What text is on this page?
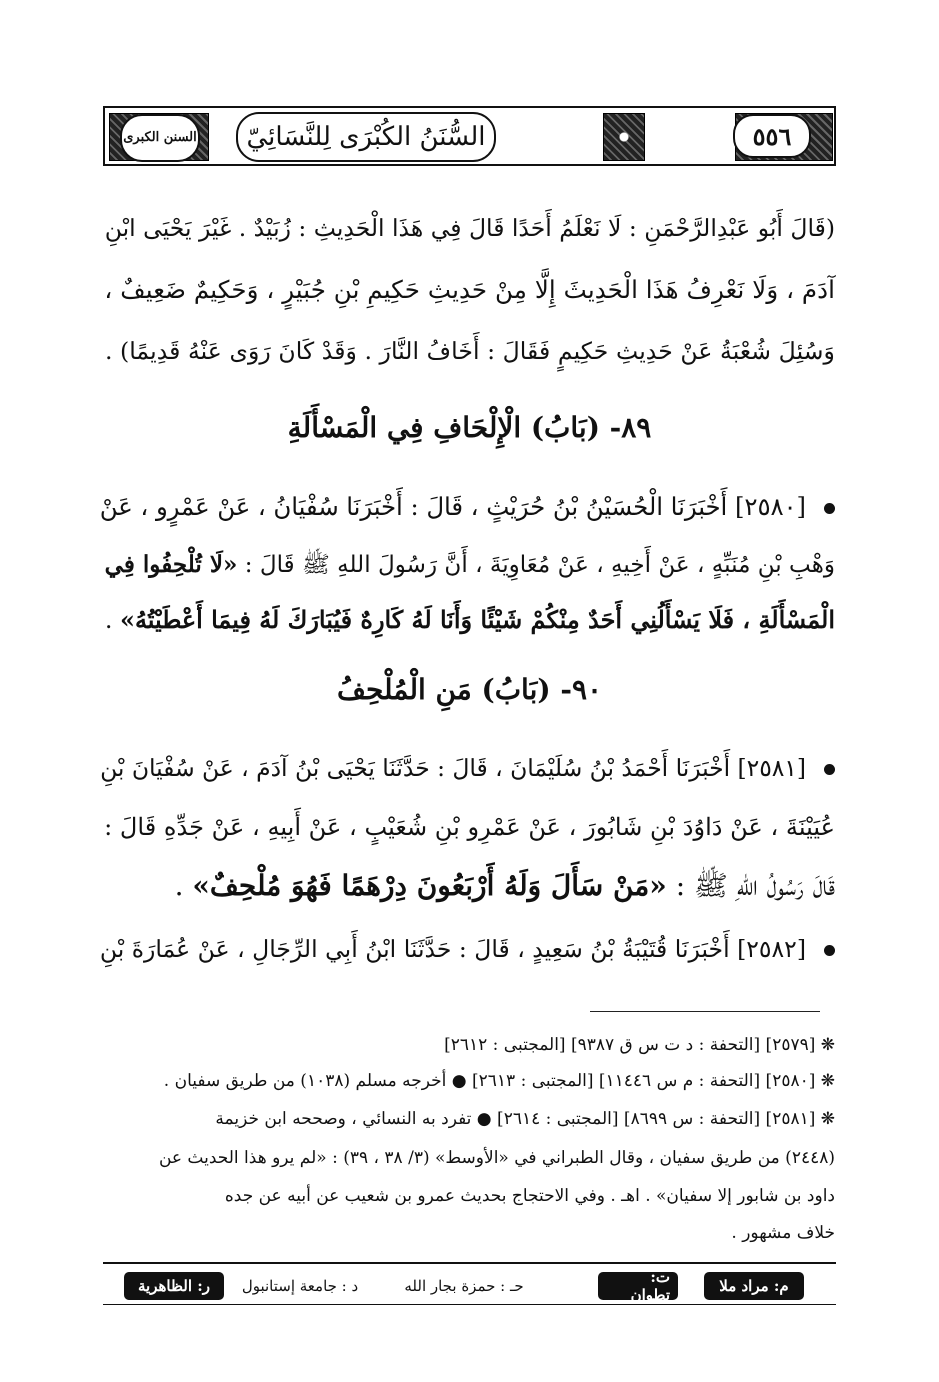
السنن الكبرى	السُّنَنُ الكُبْرَى لِلنَّسَائِيّ	٥٥٦
(قَالَ أَبُو عَبْدِالرَّحْمَنِ : لَا نَعْلَمُ أَحَدًا قَالَ فِي هَذَا الْحَدِيثِ : زُبَيْدٌ . غَيْرَ يَحْيَى ابْنِ
آدَمَ ، وَلَا نَعْرِفُ هَذَا الْحَدِيثَ إِلَّا مِنْ حَدِيثِ حَكِيمِ بْنِ جُبَيْرٍ ، وَحَكِيمٌ ضَعِيفٌ ،
وَسُئِلَ شُعْبَةُ عَنْ حَدِيثِ حَكِيمٍ فَقَالَ : أَخَافُ النَّارَ . وَقَدْ كَانَ رَوَى عَنْهُ قَدِيمًا) .
٨٩- (بَابُ) الْإِلْحَافِ فِي الْمَسْأَلَةِ
[٢٥٨٠] أَخْبَرَنَا الْحُسَيْنُ بْنُ حُرَيْثٍ ، قَالَ : أَخْبَرَنَا سُفْيَانُ ، عَنْ عَمْرٍو ، عَنْ
وَهْبِ بْنِ مُنَبِّهٍ ، عَنْ أَخِيهِ ، عَنْ مُعَاوِيَةَ ، أَنَّ رَسُولَ اللهِ ﷺ قَالَ : «لَا تُلْحِفُوا فِي
الْمَسْأَلَةِ ، فَلَا يَسْأَلُنِي أَحَدٌ مِنْكُمْ شَيْئًا وَأَنَا لَهُ كَارِهٌ فَيُبَارَكَ لَهُ فِيمَا أَعْطَيْتُهُ» .
٩٠- (بَابُ) مَنِ الْمُلْحِفُ
[٢٥٨١] أَخْبَرَنَا أَحْمَدُ بْنُ سُلَيْمَانَ ، قَالَ : حَدَّثَنَا يَحْيَى بْنُ آدَمَ ، عَنْ سُفْيَانَ بْنِ
عُيَيْنَةَ ، عَنْ دَاوُدَ بْنِ شَابُورَ ، عَنْ عَمْرِو بْنِ شُعَيْبٍ ، عَنْ أَبِيهِ ، عَنْ جَدِّهِ قَالَ :
قَالَ رَسُولُ اللهِ ﷺ : «مَنْ سَأَلَ وَلَهُ أَرْبَعُونَ دِرْهَمًا فَهُوَ مُلْحِفٌ» .
[٢٥٨٢] أَخْبَرَنَا قُتَيْبَةُ بْنُ سَعِيدٍ ، قَالَ : حَدَّثَنَا ابْنُ أَبِي الرِّجَالِ ، عَنْ عُمَارَةَ بْنِ
❋ [٢٥٧٩] [التحفة : د ت س ق ٩٣٨٧] [المجتبى : ٢٦١٢]
❋ [٢٥٨٠] [التحفة : م س ١١٤٤٦] [المجتبى : ٢٦١٣] ● أخرجه مسلم (١٠٣٨) من طريق سفيان .
❋ [٢٥٨١] [التحفة : س ٨٦٩٩] [المجتبى : ٢٦١٤] ● تفرد به النسائي ، وصححه ابن خزيمة
(٢٤٤٨) من طريق سفيان ، وقال الطبراني في «الأوسط» (٣/ ٣٨ ، ٣٩) : «لم يرو هذا الحديث عن
داود بن شابور إلا سفيان» . اهـ . وفي الاحتجاج بحديث عمرو بن شعيب عن أبيه عن جده
خلاف مشهور .
م: مراد ملا
ت: تطوان
حـ : حمزة بجار الله
د : جامعة إستانبول
ر: الظاهرية
